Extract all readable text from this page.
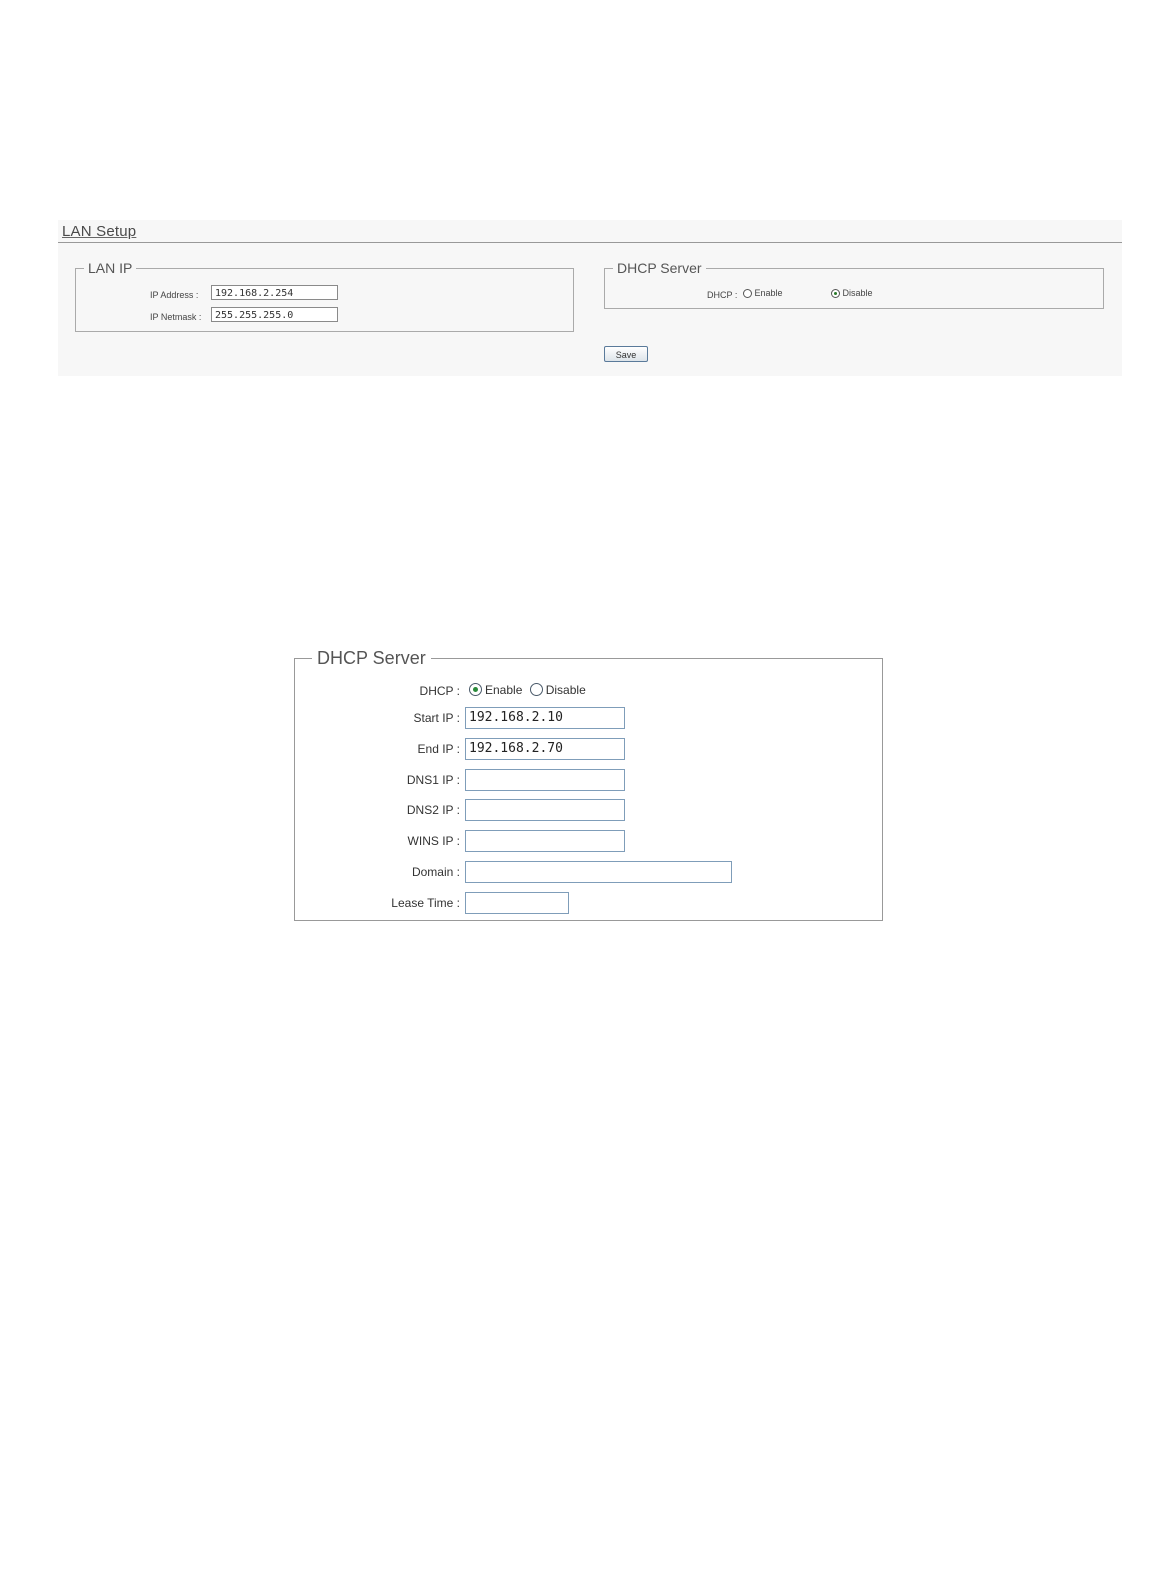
LAN Setup
LAN IP
IP Address :	192.168.2.254
IP Netmask :	255.255.255.0
DHCP Server
DHCP :	Enable	Disable
Save
DHCP Server
DHCP :	Enable Disable
Start IP : 192.168.2.10
End IP : 192.168.2.70
DNS1 IP :
DNS2 IP :
WINS IP :
Domain :
Lease Time :
